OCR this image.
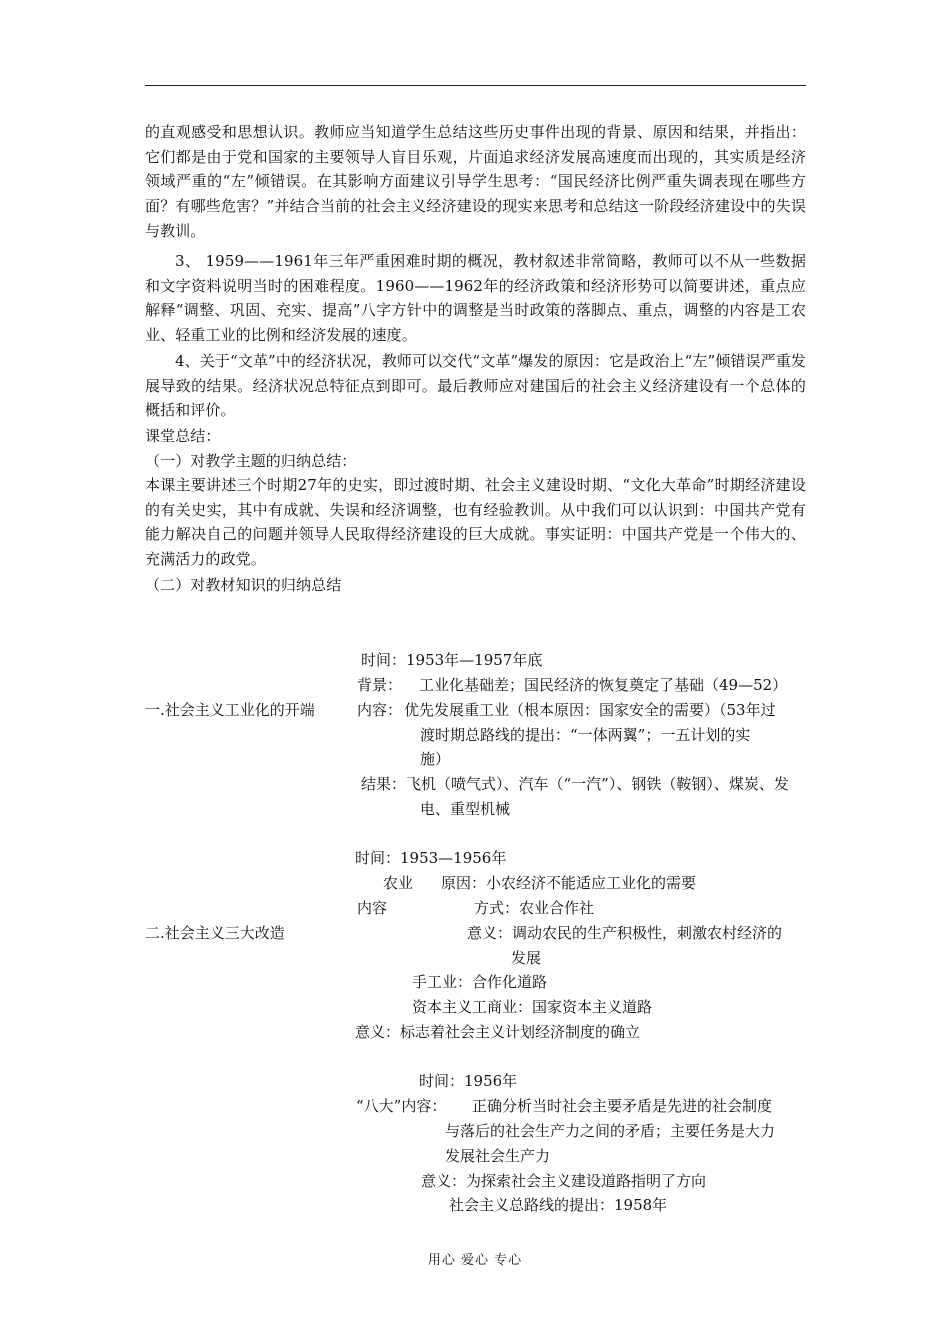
的直观感受和思想认识。教师应当知道学生总结这些历史事件出现的背景、原因和结果，并指出：它们都是由于党和国家的主要领导人盲目乐观，片面追求经济发展高速度而出现的，其实质是经济领域严重的“左”倾错误。在其影响方面建议引导学生思考：“国民经济比例严重失调表现在哪些方面？有哪些危害？”并结合当前的社会主义经济建设的现实来思考和总结这一阶段经济建设中的失误与教训。

3、 1959——1961年三年严重困难时期的概况，教材叙述非常简略，教师可以不从一些数据和文字资料说明当时的困难程度。1960——1962年的经济政策和经济形势可以简要讲述，重点应解释“调整、巩固、充实、提高”八字方针中的调整是当时政策的落脚点、重点，调整的内容是工农业、轻重工业的比例和经济发展的速度。

4、关于“文革”中的经济状况，教师可以交代“文革”爆发的原因：它是政治上“左”倾错误严重发展导致的结果。经济状况总特征点到即可。最后教师应对建国后的社会主义经济建设有一个总体的概括和评价。

课堂总结：

（一）对教学主题的归纳总结：

本课主要讲述三个时期27年的史实，即过渡时期、社会主义建设时期、“文化大革命”时期经济建设的有关史实，其中有成就、失误和经济调整，也有经验教训。从中我们可以认识到：中国共产党有能力解决自己的问题并领导人民取得经济建设的巨大成就。事实证明：中国共产党是一个伟大的、充满活力的政党。

（二）对教材知识的归纳总结

时间：1953年—1957年底
背景： 工业化基础差；国民经济的恢复奠定了基础（49—52）
一.社会主义工业化的开端	内容： 优先发展重工业（根本原因：国家安全的需要）（53年过
渡时期总路线的提出：“一体两翼”；一五计划的实
施）
结果： 飞机（喷气式）、汽车（“一汽”）、钢铁（鞍钢）、煤炭、发
电、重型机械
时间：1953—1956年
农业 原因：小农经济不能适应工业化的需要
内容	方式：农业合作社
二.社会主义三大改造	意义：调动农民的生产积极性，刺激农村经济的
发展
手工业：合作化道路
资本主义工商业：国家资本主义道路
意义：标志着社会主义计划经济制度的确立
时间：1956年
“八大”内容： 正确分析当时社会主要矛盾是先进的社会制度
与落后的社会生产力之间的矛盾；主要任务是大力
发展社会生产力
意义：为探索社会主义建设道路指明了方向
社会主义总路线的提出：1958年
用心 爱心 专心
